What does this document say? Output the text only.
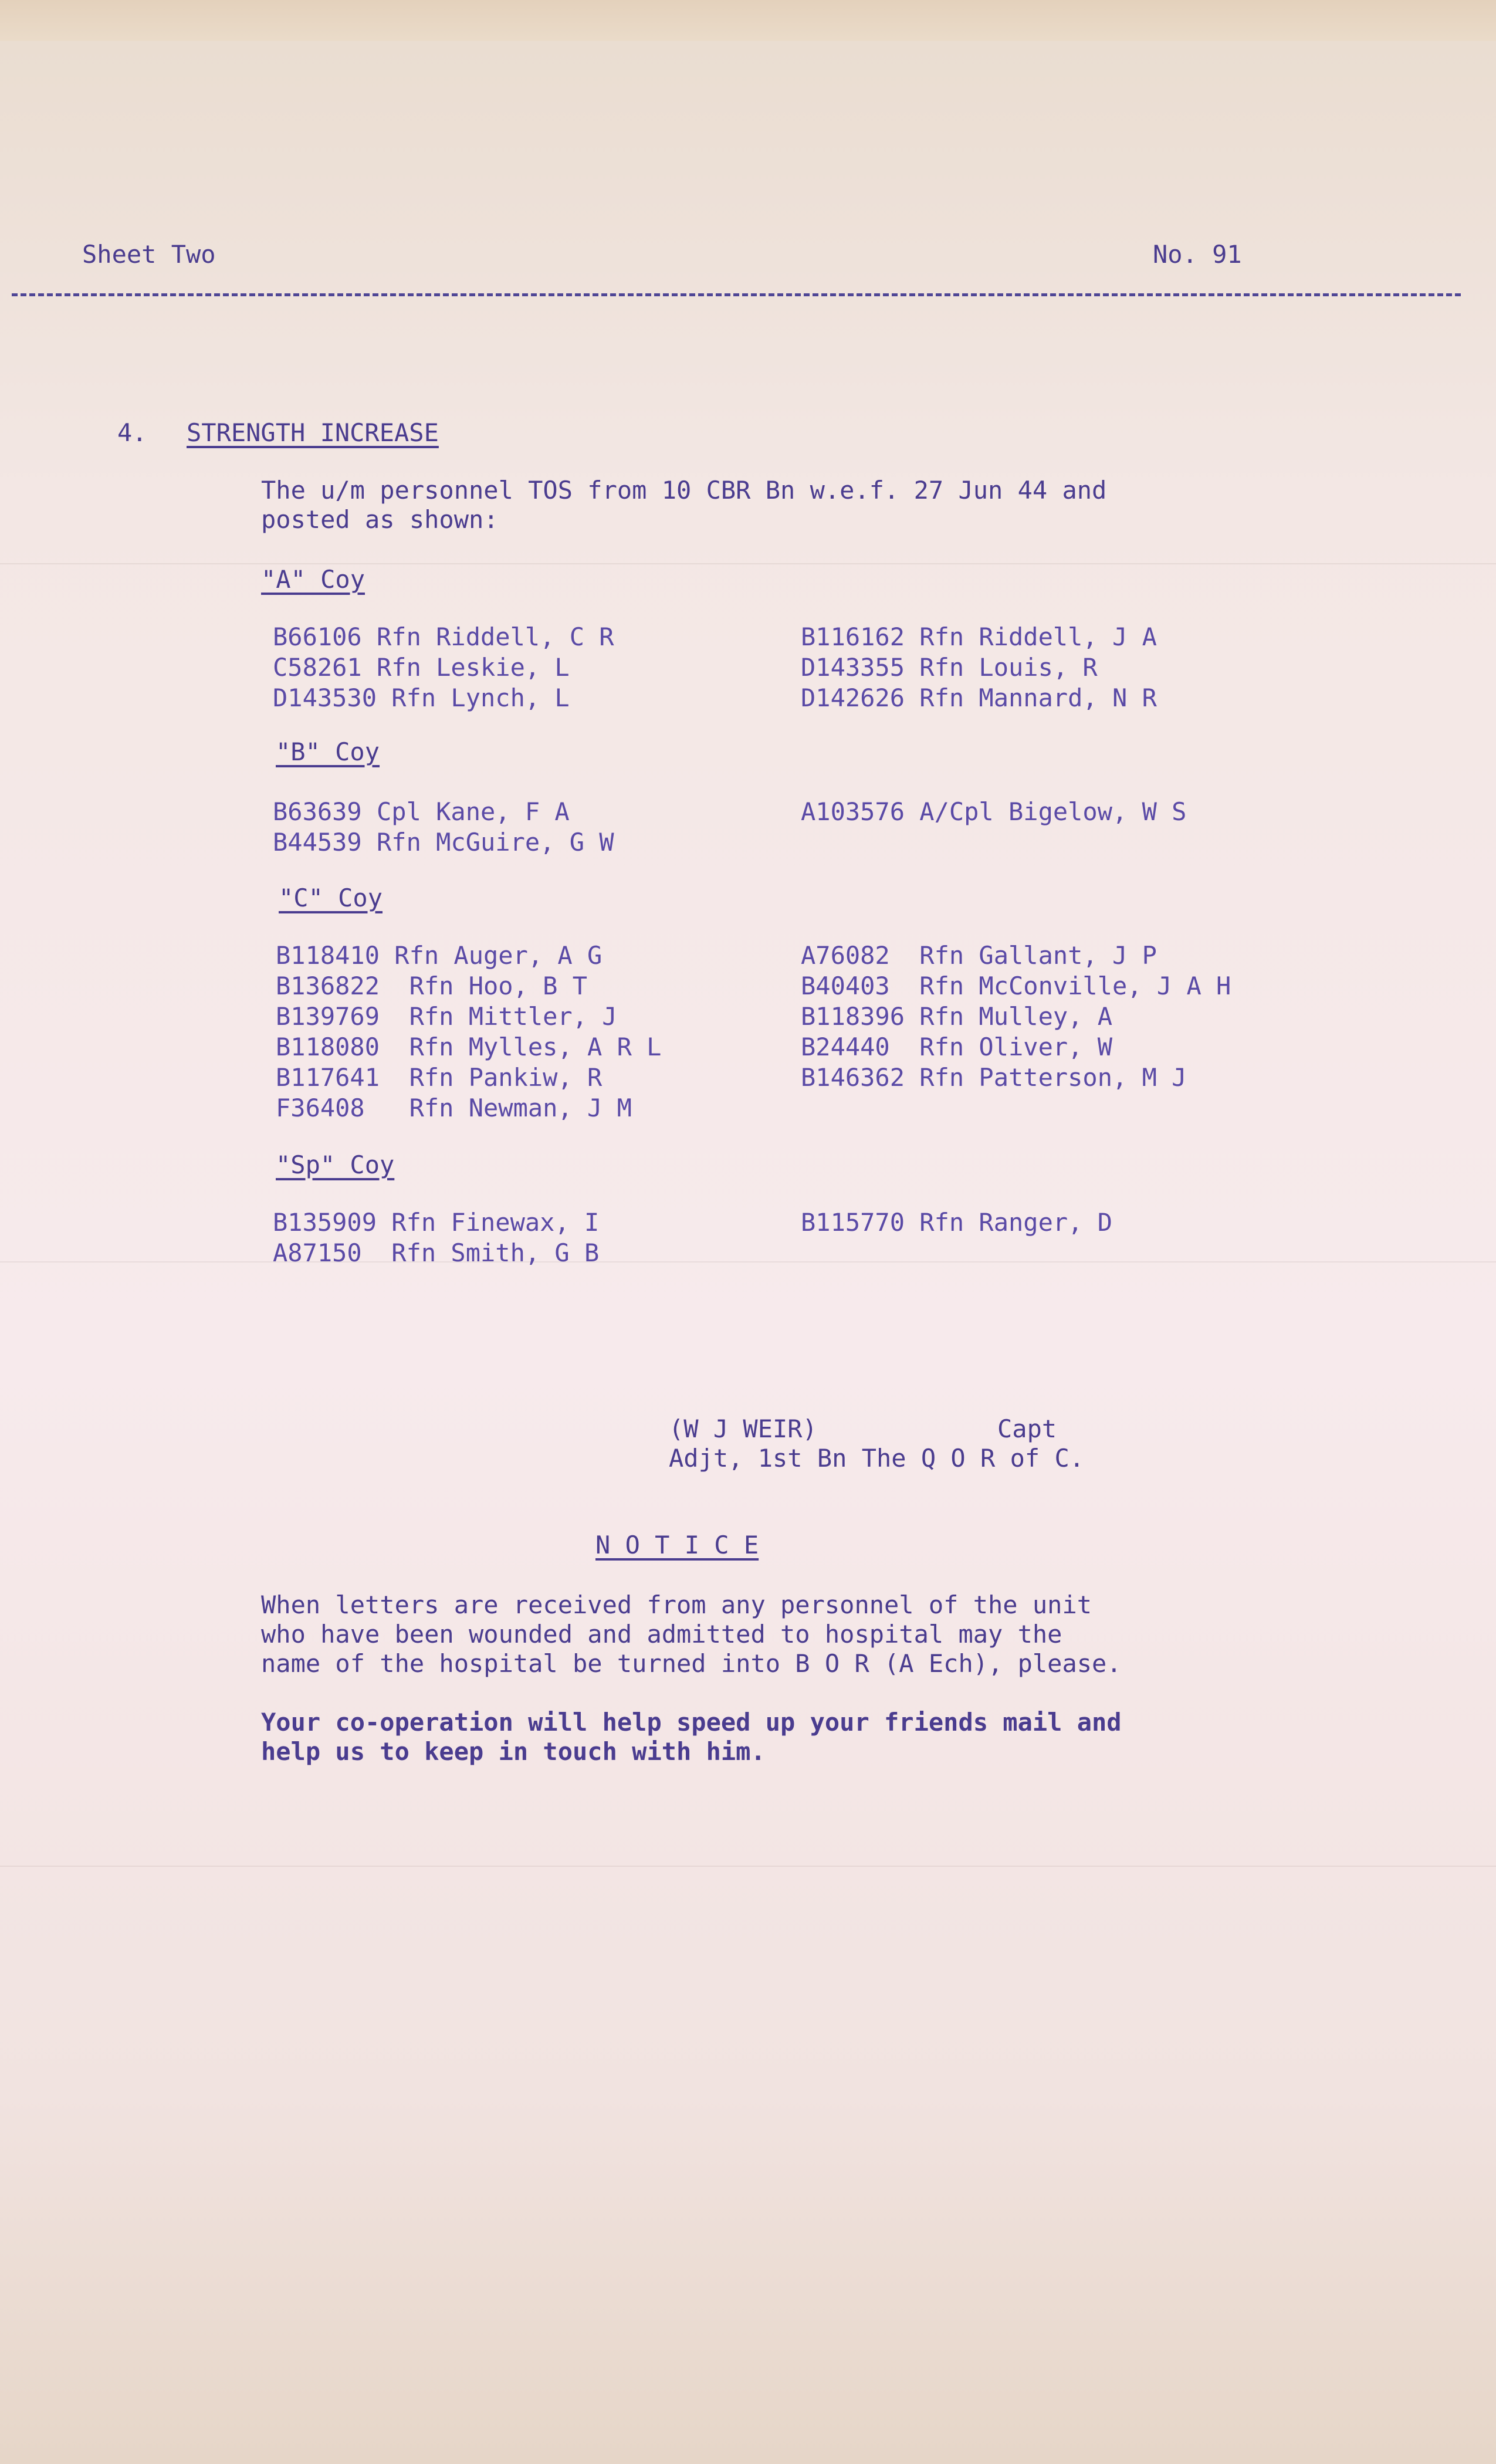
Sheet Two	No. 91
4. STRENGTH INCREASE
The u/m personnel TOS from 10 CBR Bn w.e.f. 27 Jun 44 and
posted as shown:
"A" Coy
B66106 Rfn Riddell, C R
C58261 Rfn Leskie, L
D143530 Rfn Lynch, L
B116162 Rfn Riddell, J A
D143355 Rfn Louis, R
D142626 Rfn Mannard, N R
"B" Coy
B63639 Cpl Kane, F A
B44539 Rfn McGuire, G W
A103576 A/Cpl Bigelow, W S
"C" Coy
B118410 Rfn Auger, A G
B136822  Rfn Hoo, B T
B139769  Rfn Mittler, J
B118080  Rfn Mylles, A R L
B117641  Rfn Pankiw, R
F36408   Rfn Newman, J M
A76082  Rfn Gallant, J P
B40403  Rfn McConville, J A H
B118396 Rfn Mulley, A
B24440  Rfn Oliver, W
B146362 Rfn Patterson, M J
"Sp" Coy
B135909 Rfn Finewax, I
A87150  Rfn Smith, G B
B115770 Rfn Ranger, D
(W J WEIR)	Capt
Adjt, 1st Bn The Q O R of C.
N O T I C E
When letters are received from any personnel of the unit
who have been wounded and admitted to hospital may the
name of the hospital be turned into B O R (A Ech), please.
Your co-operation will help speed up your friends mail and
help us to keep in touch with him.
